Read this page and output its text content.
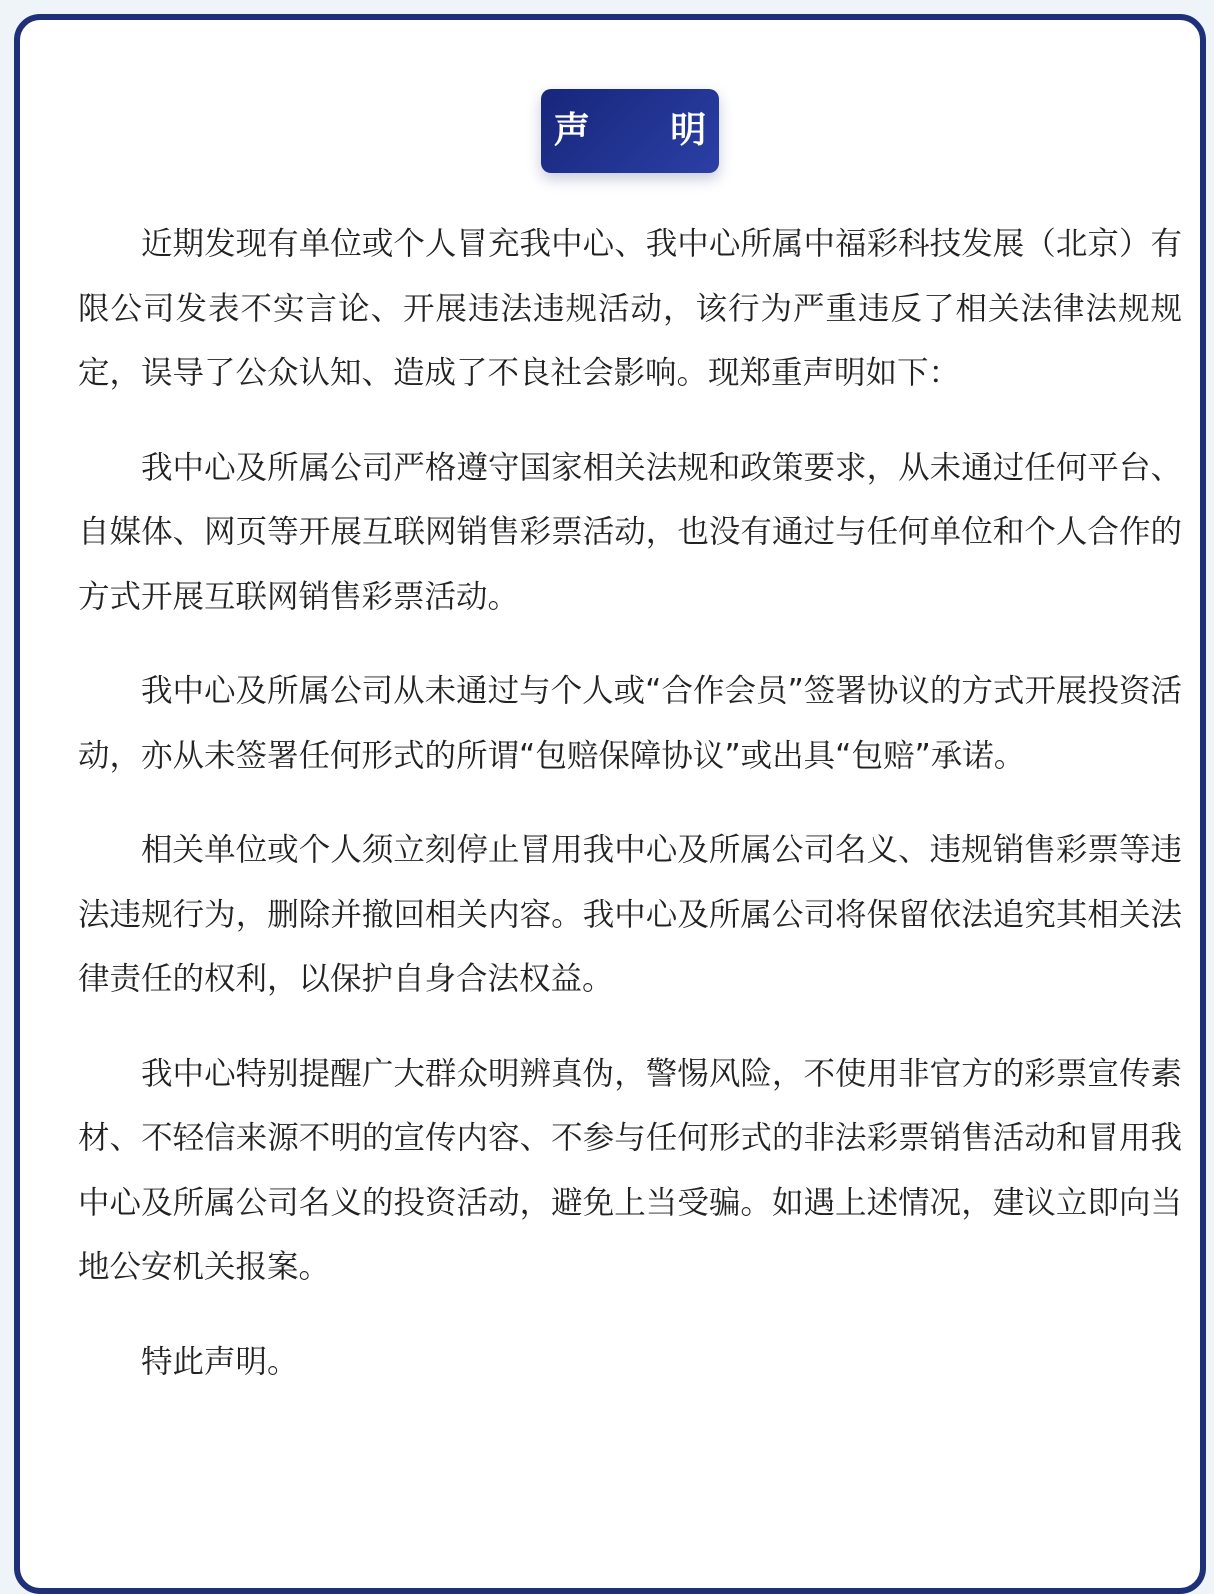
声 明

近期发现有单位或个人冒充我中心、我中心所属中福彩科技发展（北京）有限公司发表不实言论、开展违法违规活动，该行为严重违反了相关法律法规规定，误导了公众认知、造成了不良社会影响。现郑重声明如下：

我中心及所属公司严格遵守国家相关法规和政策要求，从未通过任何平台、自媒体、网页等开展互联网销售彩票活动，也没有通过与任何单位和个人合作的方式开展互联网销售彩票活动。

我中心及所属公司从未通过与个人或“合作会员”签署协议的方式开展投资活动，亦从未签署任何形式的所谓“包赔保障协议”或出具“包赔”承诺。

相关单位或个人须立刻停止冒用我中心及所属公司名义、违规销售彩票等违法违规行为，删除并撤回相关内容。我中心及所属公司将保留依法追究其相关法律责任的权利，以保护自身合法权益。

我中心特别提醒广大群众明辨真伪，警惕风险，不使用非官方的彩票宣传素材、不轻信来源不明的宣传内容、不参与任何形式的非法彩票销售活动和冒用我中心及所属公司名义的投资活动，避免上当受骗。如遇上述情况，建议立即向当地公安机关报案。

特此声明。
